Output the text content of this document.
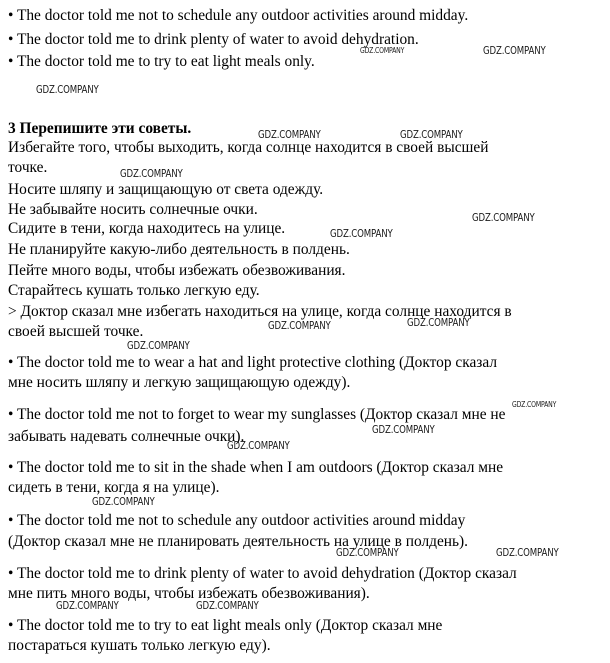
• The doctor told me not to schedule any outdoor activities around midday.
• The doctor told me to drink plenty of water to avoid dehydration.
• The doctor told me to try to eat light meals only.
3 Перепишите эти советы.
Избегайте того, чтобы выходить, когда солнце находится в своей высшей
точке.
Носите шляпу и защищающую от света одежду.
Не забывайте носить солнечные очки.
Сидите в тени, когда находитесь на улице.
Не планируйте какую-либо деятельность в полдень.
Пейте много воды, чтобы избежать обезвоживания.
Старайтесь кушать только легкую еду.
> Доктор сказал мне избегать находиться на улице, когда солнце находится в
своей высшей точке.
• The doctor told me to wear a hat and light protective clothing (Доктор сказал
мне носить шляпу и легкую защищающую одежду).
• The doctor told me not to forget to wear my sunglasses (Доктор сказал мне не
забывать надевать солнечные очки).
• The doctor told me to sit in the shade when I am outdoors (Доктор сказал мне
сидеть в тени, когда я на улице).
• The doctor told me not to schedule any outdoor activities around midday
(Доктор сказал мне не планировать деятельность на улице в полдень).
• The doctor told me to drink plenty of water to avoid dehydration (Доктор сказал
мне пить много воды, чтобы избежать обезвоживания).
• The doctor told me to try to eat light meals only (Доктор сказал мне
постараться кушать только легкую еду).
GDZ.COMPANY	GDZ.COMPANY
GDZ.COMPANY
GDZ.COMPANY	GDZ.COMPANY
GDZ.COMPANY
GDZ.COMPANY
GDZ.COMPANY
GDZ.COMPANY
GDZ.COMPANY
GDZ.COMPANY
GDZ.COMPANY
GDZ.COMPANY
GDZ.COMPANY
GDZ.COMPANY
GDZ.COMPANY	GDZ.COMPANY
GDZ.COMPANY	GDZ.COMPANY
